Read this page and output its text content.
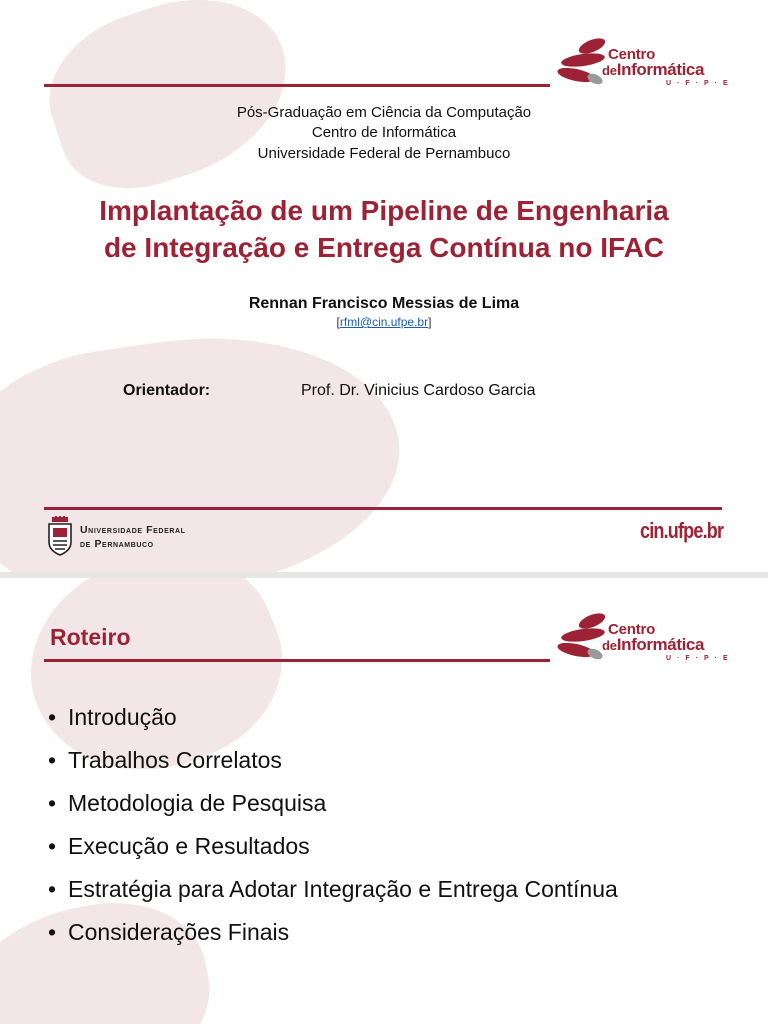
Centro
deInformática
U·F·P·E
Pós-Graduação em Ciência da Computação
Centro de Informática
Universidade Federal de Pernambuco
Implantação de um Pipeline de Engenharia
de Integração e Entrega Contínua no IFAC
Rennan Francisco Messias de Lima
[rfml@cin.ufpe.br]
Orientador:	Prof. Dr. Vinicius Cardoso Garcia
Universidade Federal
de Pernambuco
cin.ufpe.br
Roteiro	Centro
deInformática
U·F·P·E
• Introdução
• Trabalhos Correlatos
• Metodologia de Pesquisa
• Execução e Resultados
• Estratégia para Adotar Integração e Entrega Contínua
• Considerações Finais
